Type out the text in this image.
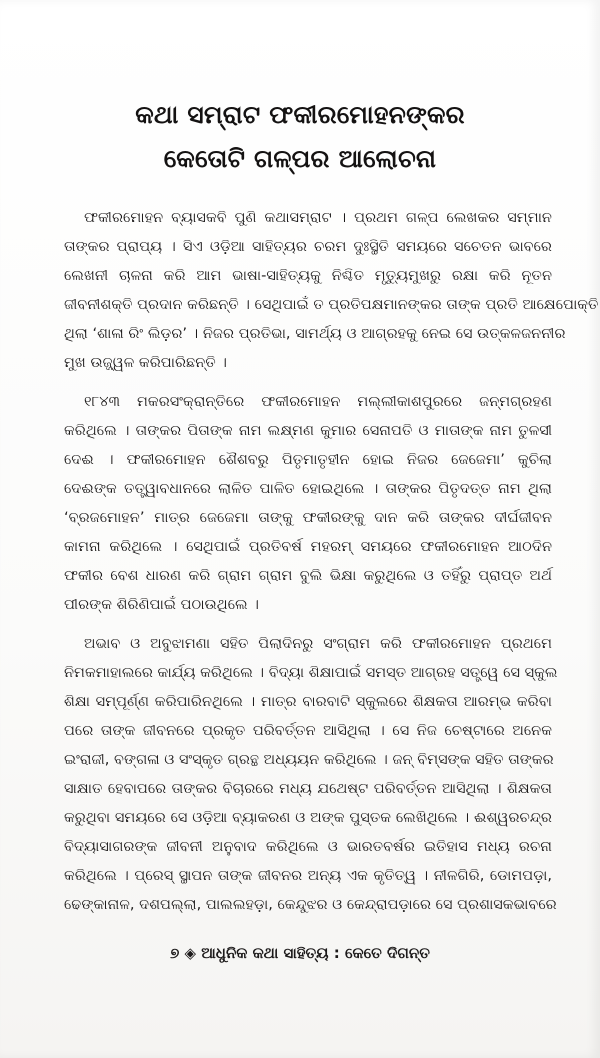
କଥା ସମ୍ରାଟ ଫକୀରମୋହନଙ୍କର
କେତୋଟି ଗଳ୍ପର ଆଲୋଚନା
ଫକୀରମୋହନ ବ୍ୟାସକବି ପୁଣି କଥାସମ୍ରାଟ । ପ୍ରଥମ ଗଳ୍ପ ଲେଖକର ସମ୍ମାନ
ତାଙ୍କର ପ୍ରାପ୍ୟ । ସିଏ ଓଡ଼ିଆ ସାହିତ୍ୟର ଚରମ ଦୁଃସ୍ଥିତି ସମୟରେ ସଚେତନ ଭାବରେ
ଲେଖନୀ ଚାଳନା କରି ଆମ ଭାଷା-ସାହିତ୍ୟକୁ ନିଶ୍ଚିତ ମୃତ୍ୟୁମୁଖରୁ ରକ୍ଷା କରି ନୂତନ
ଜୀବନୀଶକ୍ତି ପ୍ରଦାନ କରିଛନ୍ତି । ସେଥିପାଇଁ ତ ପ୍ରତିପକ୍ଷମାନଙ୍କର ତାଙ୍କ ପ୍ରତି ଆକ୍ଷେପୋକ୍ତି
ଥିଲା ‘ଶାଳା ରିଂ ଲିଡ଼ର’ । ନିଜର ପ୍ରତିଭା, ସାମର୍ଥ୍ୟ ଓ ଆଗ୍ରହକୁ ନେଇ ସେ ଉତ୍କଳଜନନୀର
ମୁଖ ଉଜ୍ଜ୍ୱଳ କରିପାରିଛନ୍ତି ।
୧୮୪୩ ମକରସଂକ୍ରାନ୍ତିରେ ଫକୀରମୋହନ ମଲ୍ଲୀକାଶପୁରରେ ଜନ୍ମଗ୍ରହଣ
କରିଥିଲେ । ତାଙ୍କର ପିତାଙ୍କ ନାମ ଲକ୍ଷ୍ମଣ କୁମାର ସେନାପତି ଓ ମାତାଙ୍କ ନାମ ତୁଳସୀ
ଦେଈ । ଫକୀରମୋହନ ଶୈଶବରୁ ପିତୃମାତୃହୀନ ହୋଇ ନିଜର ଜେଜେମା’ କୁଚିଲା
ଦେଈଙ୍କ ତତ୍ତ୍ୱାବଧାନରେ ଲାଳିତ ପାଳିତ ହୋଇଥିଲେ । ତାଙ୍କର ପିତୃଦତ୍ତ ନାମ ଥିଲା
‘ବ୍ରଜମୋହନ’ ମାତ୍ର ଜେଜେମା ତାଙ୍କୁ ଫକୀରଙ୍କୁ ଦାନ କରି ତାଙ୍କର ଦୀର୍ଘଜୀବନ
କାମନା କରିଥିଲେ । ସେଥିପାଇଁ ପ୍ରତିବର୍ଷ ମହରମ୍ ସମୟରେ ଫକୀରମୋହନ ଆଠଦିନ
ଫକୀର ବେଶ ଧାରଣ କରି ଗ୍ରାମ ଗ୍ରାମ ବୁଲି ଭିକ୍ଷା କରୁଥିଲେ ଓ ତହିଁରୁ ପ୍ରାପ୍ତ ଅର୍ଥ
ପୀରଙ୍କ ଶିରିଣିପାଇଁ ପଠାଉଥିଲେ ।
ଅଭାବ ଓ ଅବୁଝାମଣା ସହିତ ପିଲାଦିନରୁ ସଂଗ୍ରାମ କରି ଫକୀରମୋହନ ପ୍ରଥମେ
ନିମକମାହାଲରେ କାର୍ଯ୍ୟ କରିଥିଲେ । ବିଦ୍ୟା ଶିକ୍ଷାପାଇଁ ସମସ୍ତ ଆଗ୍ରହ ସତ୍ତ୍ୱେ ସେ ସ୍କୁଲ
ଶିକ୍ଷା ସମ୍ପୂର୍ଣ୍ଣ କରିପାରିନଥିଲେ । ମାତ୍ର ବାରବାଟି ସ୍କୁଲରେ ଶିକ୍ଷକତା ଆରମ୍ଭ କରିବା
ପରେ ତାଙ୍କ ଜୀବନରେ ପ୍ରକୃତ ପରିବର୍ତ୍ତନ ଆସିଥିଲା । ସେ ନିଜ ଚେଷ୍ଟାରେ ଅନେକ
ଇଂରାଜୀ, ବଙ୍ଗଳା ଓ ସଂସ୍କୃତ ଗ୍ରନ୍ଥ ଅଧ୍ୟୟନ କରିଥିଲେ । ଜନ୍ ବିମ୍‌ସଙ୍କ ସହିତ ତାଙ୍କର
ସାକ୍ଷାତ ହେବାପରେ ତାଙ୍କର ବିଚାରରେ ମଧ୍ୟ ଯଥେଷ୍ଟ ପରିବର୍ତ୍ତନ ଆସିଥିଲା । ଶିକ୍ଷକତା
କରୁଥିବା ସମୟରେ ସେ ଓଡ଼ିଆ ବ୍ୟାକରଣ ଓ ଅଙ୍କ ପୁସ୍ତକ ଲେଖିଥିଲେ । ଈଶ୍ୱରଚନ୍ଦ୍ର
ବିଦ୍ୟାସାଗରଙ୍କ ଜୀବନୀ ଅନୁବାଦ କରିଥିଲେ ଓ ଭାରତବର୍ଷର ଇତିହାସ ମଧ୍ୟ ରଚନା
କରିଥିଲେ । ପ୍ରେସ୍ ସ୍ଥାପନ ତାଙ୍କ ଜୀବନର ଅନ୍ୟ ଏକ କୃତିତ୍ୱ । ନୀଳଗିରି, ଡୋମପଡ଼ା,
ଢେଙ୍କାନାଳ, ଦଶପଲ୍ଲା, ପାଲଲହଡ଼ା, କେନ୍ଦୁଝର ଓ କେନ୍ଦ୍ରାପଡ଼ାରେ ସେ ପ୍ରଶାସକଭାବରେ
୭ ◈ ଆଧୁନିକ କଥା ସାହିତ୍ୟ : କେତେ ଦିଗନ୍ତ
